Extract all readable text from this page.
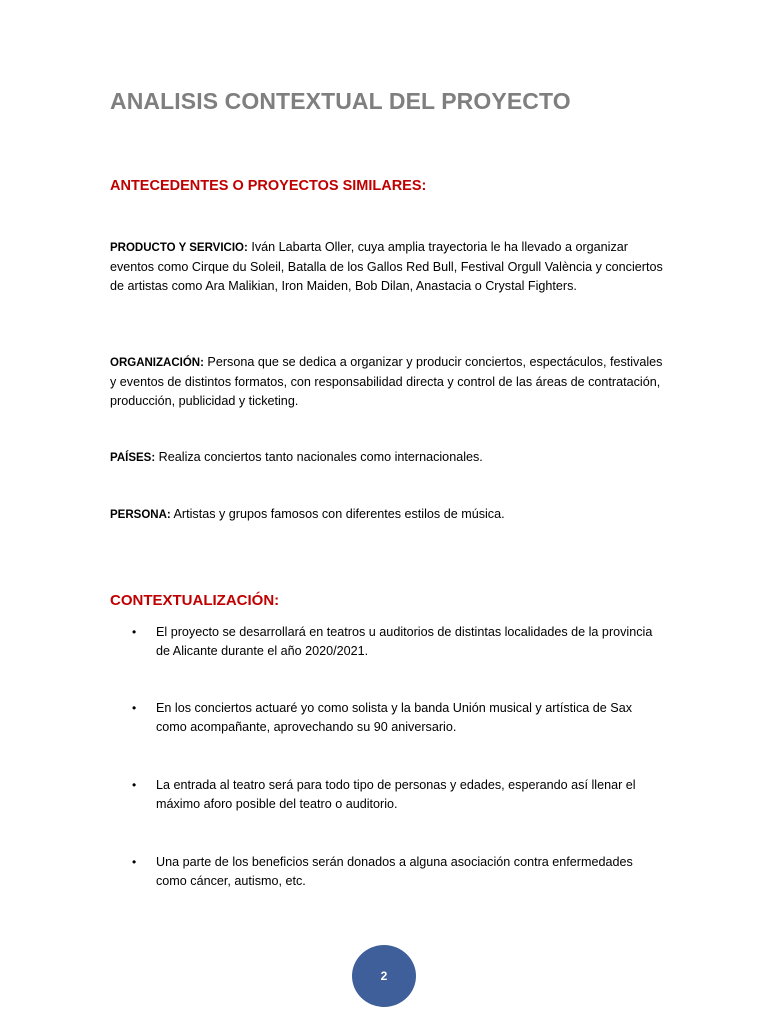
ANALISIS CONTEXTUAL DEL PROYECTO
ANTECEDENTES O PROYECTOS SIMILARES:

PRODUCTO Y SERVICIO: Iván Labarta Oller, cuya amplia trayectoria le ha llevado a organizar eventos como Cirque du Soleil, Batalla de los Gallos Red Bull, Festival Orgull València y conciertos de artistas como Ara Malikian, Iron Maiden, Bob Dilan, Anastacia o Crystal Fighters.

ORGANIZACIÓN: Persona que se dedica a organizar y producir conciertos, espectáculos, festivales y eventos de distintos formatos, con responsabilidad directa y control de las áreas de contratación, producción, publicidad y ticketing.

PAÍSES: Realiza conciertos tanto nacionales como internacionales.

PERSONA: Artistas y grupos famosos con diferentes estilos de música.

CONTEXTUALIZACIÓN:
• El proyecto se desarrollará en teatros u auditorios de distintas localidades de la provincia de Alicante durante el año 2020/2021.
• En los conciertos actuaré yo como solista y la banda Unión musical y artística de Sax como acompañante, aprovechando su 90 aniversario.
• La entrada al teatro será para todo tipo de personas y edades, esperando así llenar el máximo aforo posible del teatro o auditorio.
• Una parte de los beneficios serán donados a alguna asociación contra enfermedades como cáncer, autismo, etc.
2
